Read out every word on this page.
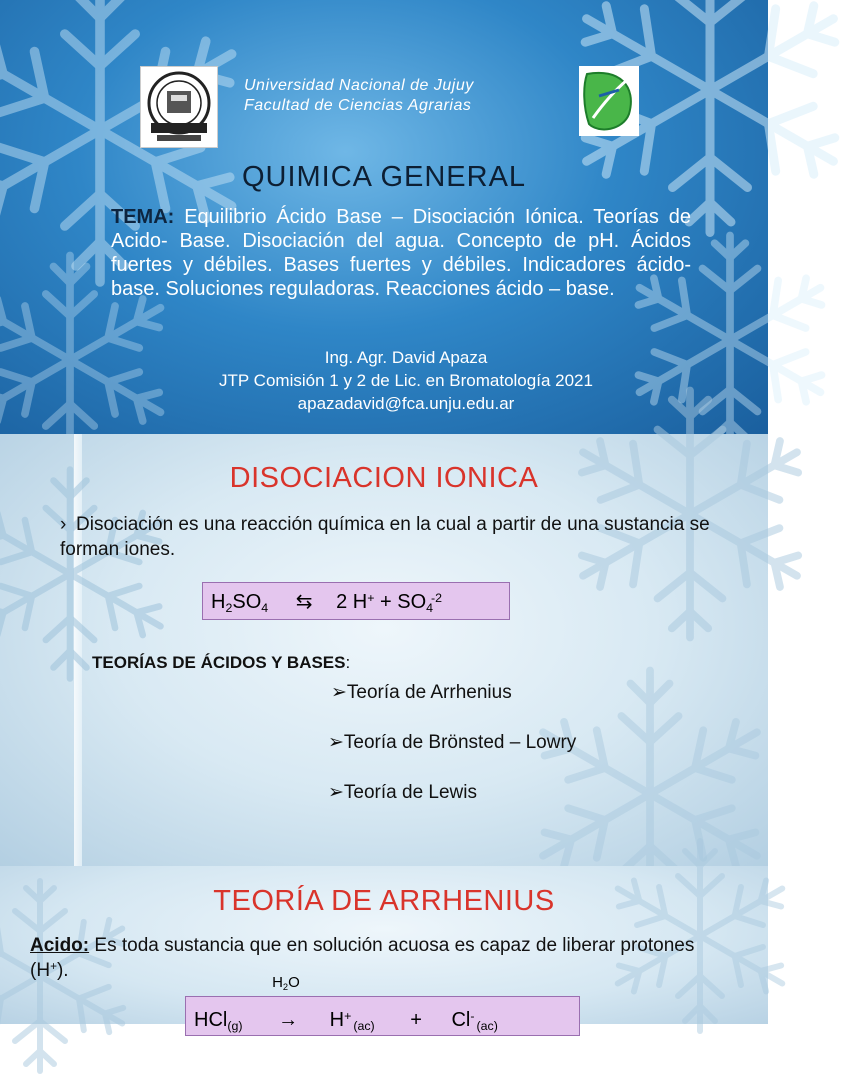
Universidad Nacional de Jujuy

Facultad de Ciencias Agrarias

QUIMICA GENERAL

TEMA: Equilibrio Ácido Base – Disociación Iónica. Teorías de Acido- Base. Disociación del agua. Concepto de pH. Ácidos fuertes y débiles. Bases fuertes y débiles. Indicadores ácido-base. Soluciones reguladoras. Reacciones ácido – base.

Ing. Agr. David Apaza

JTP Comisión 1 y 2 de Lic. en Bromatología 2021

apazadavid@fca.unju.edu.ar

DISOCIACION IONICA

› Disociación es una reacción química en la cual a partir de una sustancia se forman iones.
$H_2SO_4$ ⇆ 2 $H^+ + SO_4^{-2}$

TEORÍAS DE ÁCIDOS Y BASES:

➢Teoría de Arrhenius
➢Teoría de Brönsted – Lowry
➢Teoría de Lewis

TEORÍA DE ARRHENIUS

Acido: Es toda sustancia que en solución acuosa es capaz de liberar protones (H+).
HCl$_{(g)}$
$H_2O$
→ $H^+_{(ac)} + Cl^-_{(ac)}$
